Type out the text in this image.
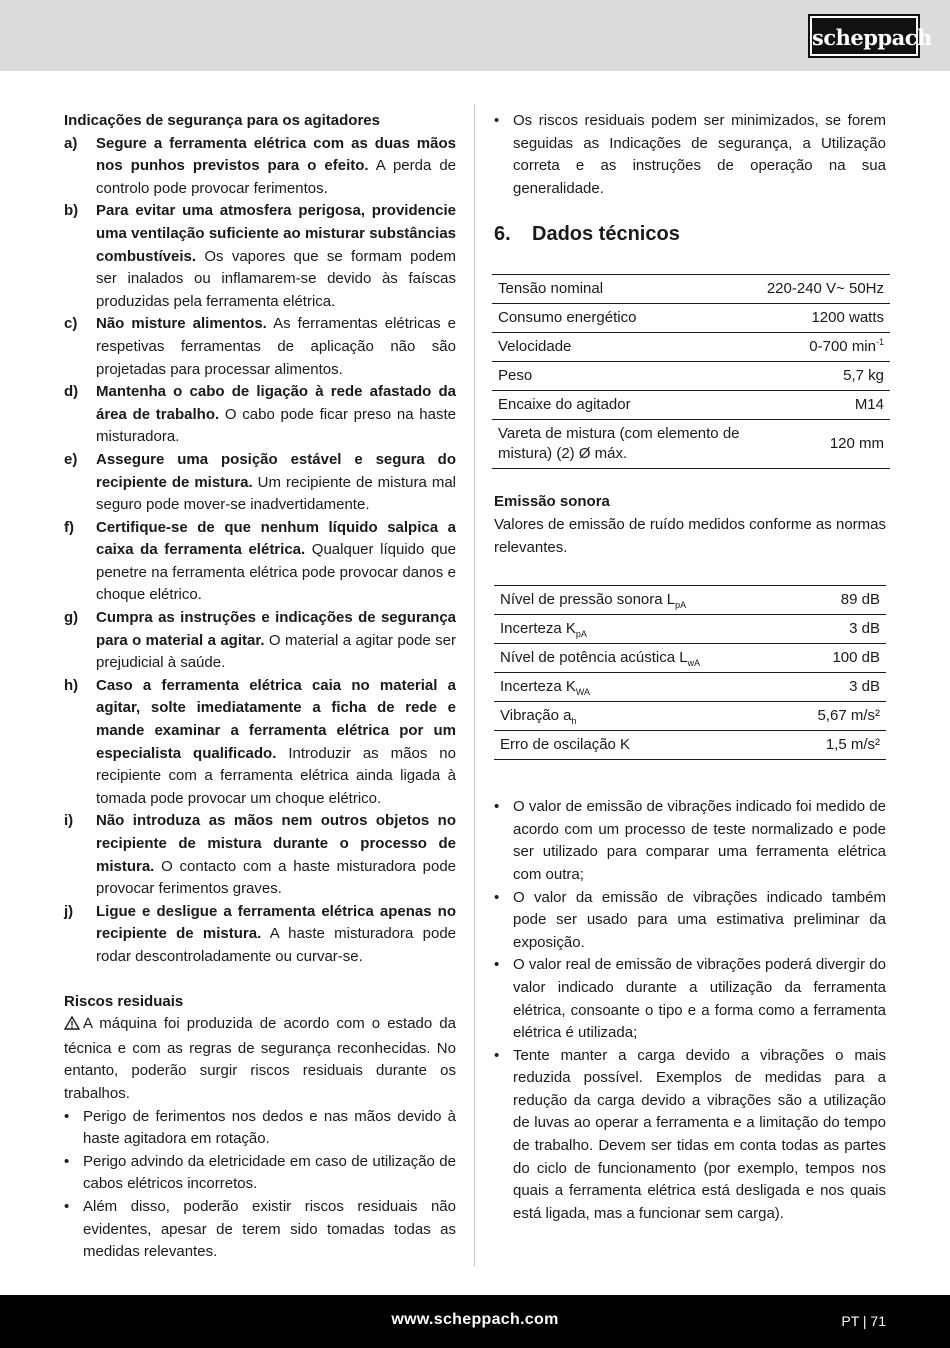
scheppach

Indicações de segurança para os agitadores

a)	Segure a ferramenta elétrica com as duas mãos nos punhos previstos para o efeito. A perda de controlo pode provocar ferimentos.
b)	Para evitar uma atmosfera perigosa, providencie uma ventilação suficiente ao misturar substâncias combustíveis. Os vapores que se formam podem ser inalados ou inflamarem-se devido às faíscas produzidas pela ferramenta elétrica.
c)	Não misture alimentos. As ferramentas elétricas e respetivas ferramentas de aplicação não são projetadas para processar alimentos.
d)	Mantenha o cabo de ligação à rede afastado da área de trabalho. O cabo pode ficar preso na haste misturadora.
e)	Assegure uma posição estável e segura do recipiente de mistura. Um recipiente de mistura mal seguro pode mover-se inadvertidamente.
f)	Certifique-se de que nenhum líquido salpica a caixa da ferramenta elétrica. Qualquer líquido que penetre na ferramenta elétrica pode provocar danos e choque elétrico.
g)	Cumpra as instruções e indicações de segurança para o material a agitar. O material a agitar pode ser prejudicial à saúde.
h)	Caso a ferramenta elétrica caia no material a agitar, solte imediatamente a ficha de rede e mande examinar a ferramenta elétrica por um especialista qualificado. Introduzir as mãos no recipiente com a ferramenta elétrica ainda ligada à tomada pode provocar um choque elétrico.
i)	Não introduza as mãos nem outros objetos no recipiente de mistura durante o processo de mistura. O contacto com a haste misturadora pode provocar ferimentos graves.
j)	Ligue e desligue a ferramenta elétrica apenas no recipiente de mistura. A haste misturadora pode rodar descontroladamente ou curvar-se.

Riscos residuais

A máquina foi produzida de acordo com o estado da técnica e com as regras de segurança reconhecidas. No entanto, poderão surgir riscos residuais durante os trabalhos.

• Perigo de ferimentos nos dedos e nas mãos devido à haste agitadora em rotação.
• Perigo advindo da eletricidade em caso de utilização de cabos elétricos incorretos.
• Além disso, poderão existir riscos residuais não evidentes, apesar de terem sido tomadas todas as medidas relevantes.
• Os riscos residuais podem ser minimizados, se forem seguidas as Indicações de segurança, a Utilização correta e as instruções de operação na sua generalidade.
6.	Dados técnicos
Tensão nominal	220-240 V~ 50Hz
Consumo energético	1200 watts
Velocidade	0-700 $\min^{-1}$
Peso	5,7 kg
Encaixe do agitador	M14
Vareta de mistura (com elemento de mistura) (2) Ø máx.	120 mm

Emissão sonora

Valores de emissão de ruído medidos conforme as normas relevantes.

Nível de pressão sonora $L_{pA}$	89 dB
Incerteza $K_{pA}$	3 dB
Nível de potência acústica $L_{wA}$	100 dB
Incerteza $K_{WA}$	3 dB
Vibração $a_h$	5,67 m/s²
Erro de oscilação K	1,5 m/s²
• O valor de emissão de vibrações indicado foi medido de acordo com um processo de teste normalizado e pode ser utilizado para comparar uma ferramenta elétrica com outra;
• O valor da emissão de vibrações indicado também pode ser usado para uma estimativa preliminar da exposição.
• O valor real de emissão de vibrações poderá divergir do valor indicado durante a utilização da ferramenta elétrica, consoante o tipo e a forma como a ferramenta elétrica é utilizada;
• Tente manter a carga devido a vibrações o mais reduzida possível. Exemplos de medidas para a redução da carga devido a vibrações são a utilização de luvas ao operar a ferramenta e a limitação do tempo de trabalho. Devem ser tidas em conta todas as partes do ciclo de funcionamento (por exemplo, tempos nos quais a ferramenta elétrica está desligada e nos quais está ligada, mas a funcionar sem carga).
www.scheppach.com	PT | 71
